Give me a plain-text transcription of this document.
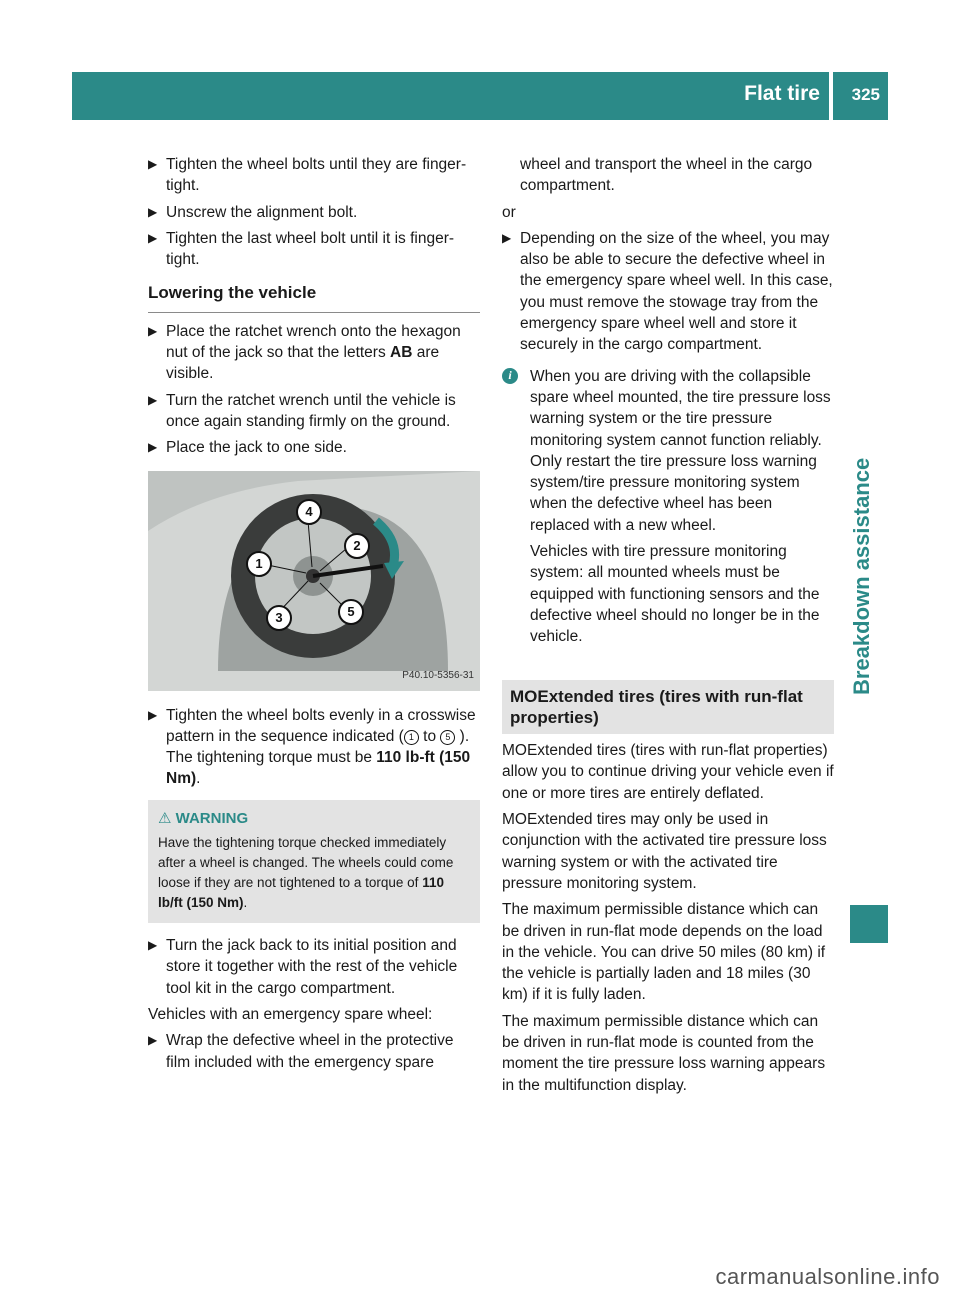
Flat tire 325
Breakdown assistance
▶ Tighten the wheel bolts until they are finger-tight.
▶ Unscrew the alignment bolt.
▶ Tighten the last wheel bolt until it is finger-tight.
Lowering the vehicle
▶ Place the ratchet wrench onto the hexagon nut of the jack so that the letters AB are visible.
▶ Turn the ratchet wrench until the vehicle is once again standing firmly on the ground.
▶ Place the jack to one side.
1
2
3
4
5
P40.10-5356-31
▶ Tighten the wheel bolts evenly in a crosswise pattern in the sequence indicated ( 1 to 5 ). The tightening torque must be 110 lb-ft (150 Nm).
⚠ WARNING
Have the tightening torque checked immediately after a wheel is changed. The wheels could come loose if they are not tightened to a torque of 110 lb/ft (150 Nm).
▶ Turn the jack back to its initial position and store it together with the rest of the vehicle tool kit in the cargo compartment.

Vehicles with an emergency spare wheel:

▶ Wrap the defective wheel in the protective film included with the emergency spare
wheel and transport the wheel in the cargo compartment.

or

▶ Depending on the size of the wheel, you may also be able to secure the defective wheel in the emergency spare wheel well. In this case, you must remove the stowage tray from the emergency spare wheel well and store it securely in the cargo compartment.
i	When you are driving with the collapsible spare wheel mounted, the tire pressure loss warning system or the tire pressure monitoring system cannot function reliably. Only restart the tire pressure loss warning system/tire pressure monitoring system when the defective wheel has been replaced with a new wheel.

Vehicles with tire pressure monitoring system: all mounted wheels must be equipped with functioning sensors and the defective wheel should no longer be in the vehicle.

MOExtended tires (tires with run-flat properties)

MOExtended tires (tires with run-flat properties) allow you to continue driving your vehicle even if one or more tires are entirely deflated.

MOExtended tires may only be used in conjunction with the activated tire pressure loss warning system or with the activated tire pressure monitoring system.

The maximum permissible distance which can be driven in run-flat mode depends on the load in the vehicle. You can drive 50 miles (80 km) if the vehicle is partially laden and 18 miles (30 km) if it is fully laden.

The maximum permissible distance which can be driven in run-flat mode is counted from the moment the tire pressure loss warning appears in the multifunction display.

carmanualsonline.info
